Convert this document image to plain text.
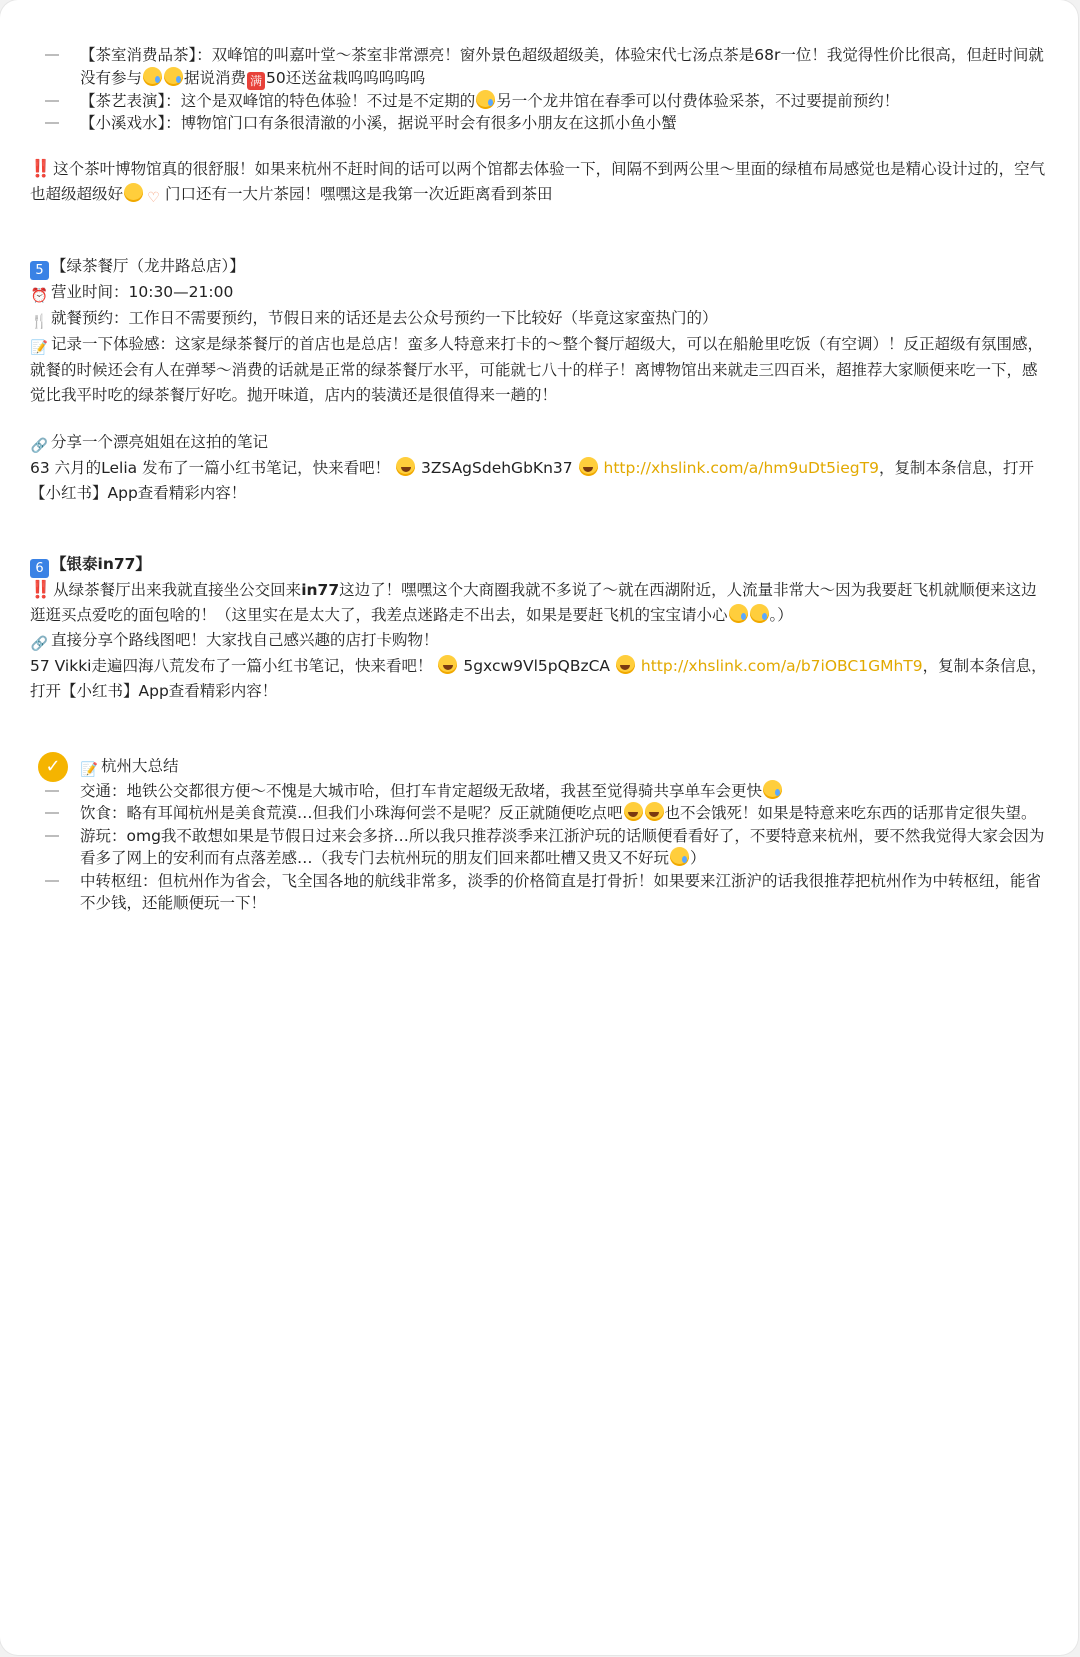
【茶室消费品茶】：双峰馆的叫嘉叶堂～茶室非常漂亮！窗外景色超级超级美，体验宋代七汤点茶是68r一位！我觉得性价比很高，但赶时间就没有参与	据说消费 满 50还送盆栽呜呜呜呜呜
【茶艺表演】：这个是双峰馆的特色体验！不过是不定期的 另一个龙井馆在春季可以付费体验采茶，不过要提前预约！
【小溪戏水】：博物馆门口有条很清澈的小溪，据说平时会有很多小朋友在这抓小鱼小蟹

‼️ 这个茶叶博物馆真的很舒服！如果来杭州不赶时间的话可以两个馆都去体验一下，间隔不到两公里～里面的绿植布局感觉也是精心设计过的，空气也超级超级好 ♡ 门口还有一大片茶园！嘿嘿这是我第一次近距离看到茶田

5 【绿茶餐厅（龙井路总店）】
⏰ 营业时间：10:30—21:00
🍴 就餐预约：工作日不需要预约，节假日来的话还是去公众号预约一下比较好（毕竟这家蛮热门的）
📝 记录一下体验感：这家是绿茶餐厅的首店也是总店！蛮多人特意来打卡的～整个餐厅超级大，可以在船舱里吃饭（有空调）！反正超级有氛围感，就餐的时候还会有人在弹琴～消费的话就是正常的绿茶餐厅水平，可能就七八十的样子！离博物馆出来就走三四百米，超推荐大家顺便来吃一下，感觉比我平时吃的绿茶餐厅好吃。抛开味道，店内的装潢还是很值得来一趟的！
🔗 分享一个漂亮姐姐在这拍的笔记
63 六月的Lelia 发布了一篇小红书笔记，快来看吧！ 3ZSAgSdehGbKn37 http://xhslink.com/a/hm9uDt5iegT9，复制本条信息，打开【小红书】App查看精彩内容！
6 【银泰in77】
‼️ 从绿茶餐厅出来我就直接坐公交回来in77这边了！嘿嘿这个大商圈我就不多说了～就在西湖附近，人流量非常大～因为我要赶飞机就顺便来这边逛逛买点爱吃的面包啥的！（这里实在是太大了，我差点迷路走不出去，如果是要赶飞机的宝宝请小心	。）
🔗 直接分享个路线图吧！大家找自己感兴趣的店打卡购物！
57 Vikki走遍四海八荒发布了一篇小红书笔记，快来看吧！ 5gxcw9Vl5pQBzCA http://xhslink.com/a/b7iOBC1GMhT9，复制本条信息，打开【小红书】App查看精彩内容！
✓	📝 杭州大总结
交通：地铁公交都很方便～不愧是大城市哈，但打车肯定超级无敌堵，我甚至觉得骑共享单车会更快
饮食：略有耳闻杭州是美食荒漠…但我们小珠海何尝不是呢？反正就随便吃点吧	也不会饿死！如果是特意来吃东西的话那肯定很失望。
游玩：omg我不敢想如果是节假日过来会多挤…所以我只推荐淡季来江浙沪玩的话顺便看看好了，不要特意来杭州，要不然我觉得大家会因为看多了网上的安利而有点落差感…（我专门去杭州玩的朋友们回来都吐槽又贵又不好玩 ）
中转枢纽：但杭州作为省会，飞全国各地的航线非常多，淡季的价格简直是打骨折！如果要来江浙沪的话我很推荐把杭州作为中转枢纽，能省不少钱，还能顺便玩一下！
